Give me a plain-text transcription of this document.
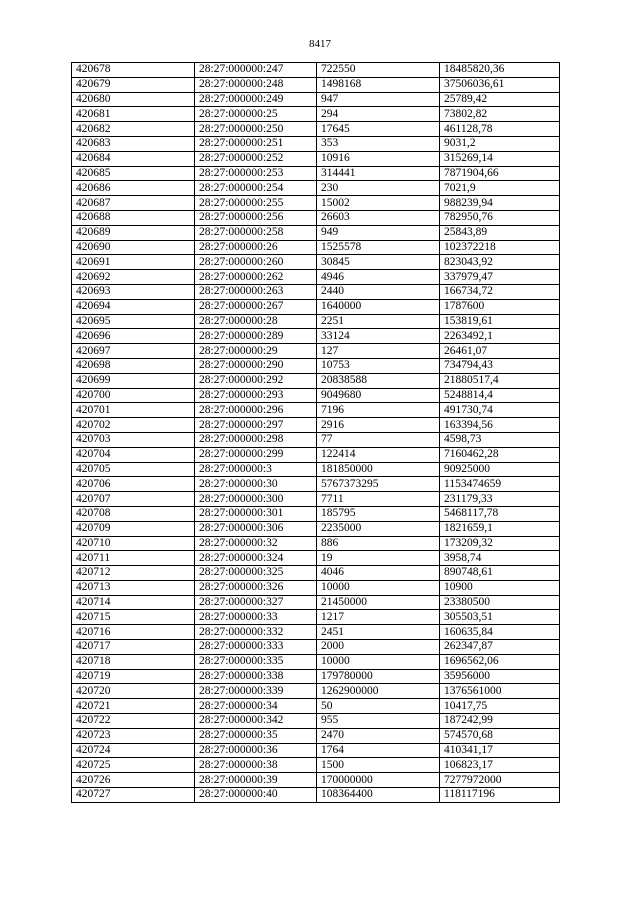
8417
420678	28:27:000000:247	722550	18485820,36
420679	28:27:000000:248	1498168	37506036,61
420680	28:27:000000:249	947	25789,42
420681	28:27:000000:25	294	73802,82
420682	28:27:000000:250	17645	461128,78
420683	28:27:000000:251	353	9031,2
420684	28:27:000000:252	10916	315269,14
420685	28:27:000000:253	314441	7871904,66
420686	28:27:000000:254	230	7021,9
420687	28:27:000000:255	15002	988239,94
420688	28:27:000000:256	26603	782950,76
420689	28:27:000000:258	949	25843,89
420690	28:27:000000:26	1525578	102372218
420691	28:27:000000:260	30845	823043,92
420692	28:27:000000:262	4946	337979,47
420693	28:27:000000:263	2440	166734,72
420694	28:27:000000:267	1640000	1787600
420695	28:27:000000:28	2251	153819,61
420696	28:27:000000:289	33124	2263492,1
420697	28:27:000000:29	127	26461,07
420698	28:27:000000:290	10753	734794,43
420699	28:27:000000:292	20838588	21880517,4
420700	28:27:000000:293	9049680	5248814,4
420701	28:27:000000:296	7196	491730,74
420702	28:27:000000:297	2916	163394,56
420703	28:27:000000:298	77	4598,73
420704	28:27:000000:299	122414	7160462,28
420705	28:27:000000:3	181850000	90925000
420706	28:27:000000:30	5767373295	1153474659
420707	28:27:000000:300	7711	231179,33
420708	28:27:000000:301	185795	5468117,78
420709	28:27:000000:306	2235000	1821659,1
420710	28:27:000000:32	886	173209,32
420711	28:27:000000:324	19	3958,74
420712	28:27:000000:325	4046	890748,61
420713	28:27:000000:326	10000	10900
420714	28:27:000000:327	21450000	23380500
420715	28:27:000000:33	1217	305503,51
420716	28:27:000000:332	2451	160635,84
420717	28:27:000000:333	2000	262347,87
420718	28:27:000000:335	10000	1696562,06
420719	28:27:000000:338	179780000	35956000
420720	28:27:000000:339	1262900000	1376561000
420721	28:27:000000:34	50	10417,75
420722	28:27:000000:342	955	187242,99
420723	28:27:000000:35	2470	574570,68
420724	28:27:000000:36	1764	410341,17
420725	28:27:000000:38	1500	106823,17
420726	28:27:000000:39	170000000	7277972000
420727	28:27:000000:40	108364400	118117196
